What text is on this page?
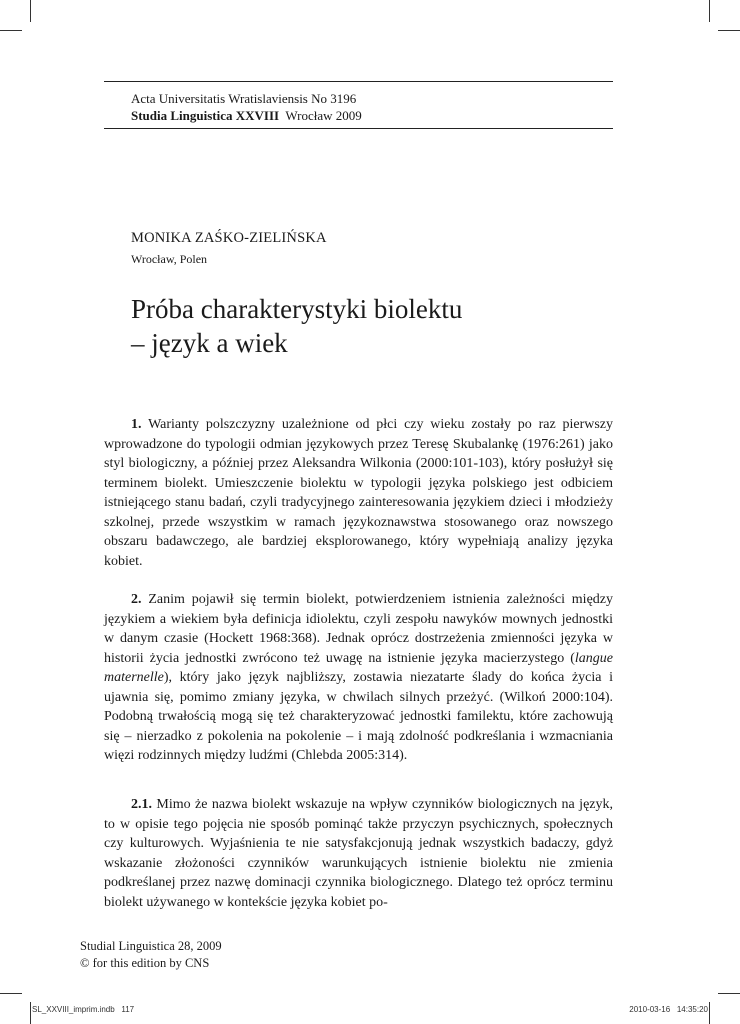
Acta Universitatis Wratislaviensis No 3196
Studia Linguistica XXVIII Wrocław 2009
MONIKA ZAŚKO-ZIELIŃSKA
Wrocław, Polen
Próba charakterystyki biolektu
– język a wiek

1. Warianty polszczyzny uzależnione od płci czy wieku zostały po raz pierwszy wprowadzone do typologii odmian językowych przez Teresę Skubalankę (1976:261) jako styl biologiczny, a później przez Aleksandra Wilkonia (2000:101-103), który posłużył się terminem biolekt. Umieszczenie biolektu w typologii języka polskiego jest odbiciem istniejącego stanu badań, czyli tradycyjnego zainteresowania językiem dzieci i młodzieży szkolnej, przede wszystkim w ramach językoznawstwa stosowanego oraz nowszego obszaru badawczego, ale bardziej eksplorowanego, który wypełniają analizy języka kobiet.

2. Zanim pojawił się termin biolekt, potwierdzeniem istnienia zależności między językiem a wiekiem była definicja idiolektu, czyli zespołu nawyków mownych jednostki w danym czasie (Hockett 1968:368). Jednak oprócz dostrzeżenia zmienności języka w historii życia jednostki zwrócono też uwagę na istnienie języka macierzystego (langue maternelle), który jako język najbliższy, zostawia niezatarte ślady do końca życia i ujawnia się, pomimo zmiany języka, w chwilach silnych przeżyć. (Wilkoń 2000:104). Podobną trwałością mogą się też charakteryzować jednostki familektu, które zachowują się – nierzadko z pokolenia na pokolenie – i mają zdolność podkreślania i wzmacniania więzi rodzinnych między ludźmi (Chlebda 2005:314).

2.1. Mimo że nazwa biolekt wskazuje na wpływ czynników biologicznych na język, to w opisie tego pojęcia nie sposób pominąć także przyczyn psychicznych, społecznych czy kulturowych. Wyjaśnienia te nie satysfakcjonują jednak wszystkich badaczy, gdyż wskazanie złożoności czynników warunkujących istnienie biolektu nie zmienia podkreślanej przez nazwę dominacji czynnika biologicznego. Dlatego też oprócz terminu biolekt używanego w kontekście języka kobiet po-

Studial Linguistica 28, 2009
© for this edition by CNS
SL_XXVIII_imprim.indb   117	2010-03-16   14:35:20
